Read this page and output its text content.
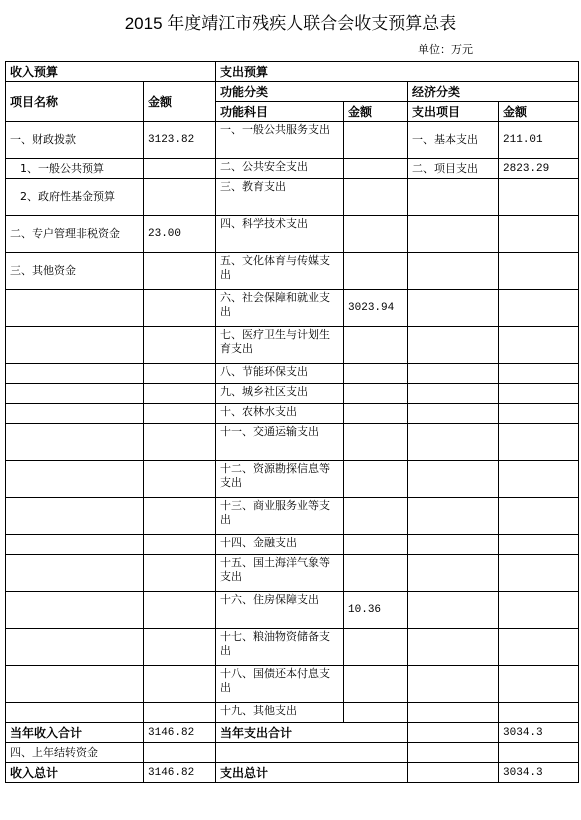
2015 年度靖江市残疾人联合会收支预算总表
单位：万元
收入预算		支出预算			
项目名称	金额	功能分类		经济分类	
		功能科目	金额	支出项目	金额
一、财政拨款	3123.82	一、一般公共服务支出		一、基本支出	211.01
1、一般公共预算		二、公共安全支出		二、项目支出	2823.29
2、政府性基金预算		三、教育支出			
二、专户管理非税资金	23.00	四、科学技术支出			
三、其他资金		五、文化体育与传媒支出			
		六、社会保障和就业支出	3023.94		
		七、医疗卫生与计划生育支出			
		八、节能环保支出			
		九、城乡社区支出			
		十、农林水支出			
		十一、交通运输支出			
		十二、资源勘探信息等支出			
		十三、商业服务业等支出			
		十四、金融支出			
		十五、国土海洋气象等支出			
		十六、住房保障支出	10.36		
		十七、粮油物资储备支出			
		十八、国债还本付息支出			
		十九、其他支出			
当年收入合计	3146.82	当年支出合计			3034.3
四、上年结转资金					
收入总计	3146.82	支出总计			3034.3
